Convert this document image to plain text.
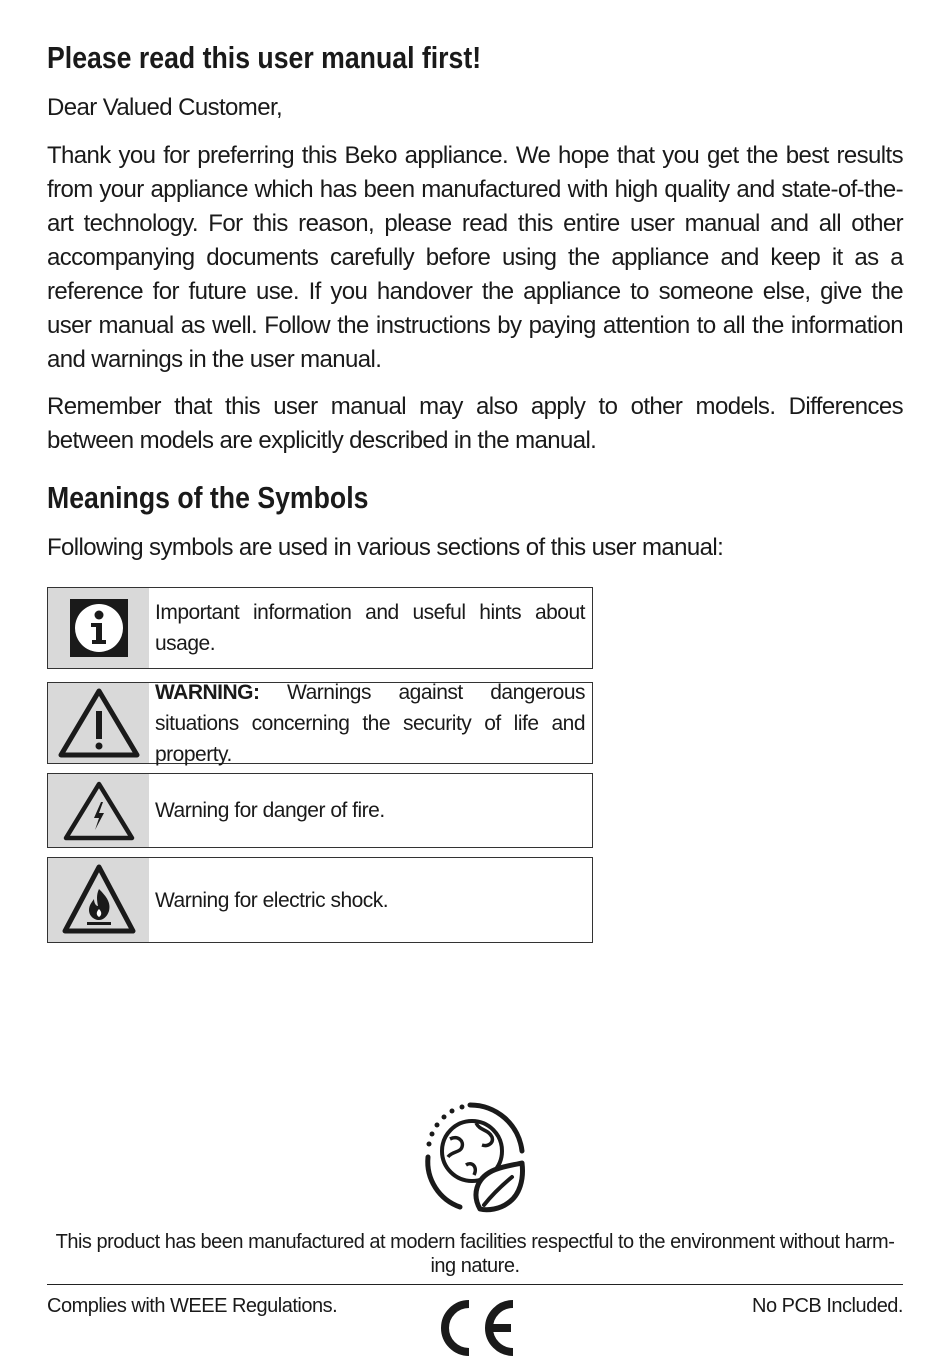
Please read this user manual first!

Dear Valued Customer,

Thank you for preferring this Beko appliance. We hope that you get the best results from your appliance which has been manufactured with high quality and state-of-the-art technology. For this reason, please read this entire user manual and all other accompanying documents carefully before using the appliance and keep it as a reference for future use. If you handover the appliance to someone else, give the user manual as well. Follow the instructions by paying attention to all the information and warnings in the user manual.

Remember that this user manual may also apply to other models. Differences between models are explicitly described in the manual.

Meanings of the Symbols

Following symbols are used in various sections of this user manual:

Important information and useful hints about usage.
WARNING: Warnings against dangerous situations concerning the security of life and property.
Warning for danger of fire.
Warning for electric shock.
This product has been manufactured at modern facilities respectful to the environment without harm-ing nature.
Complies with WEEE Regulations.	No PCB Included.
